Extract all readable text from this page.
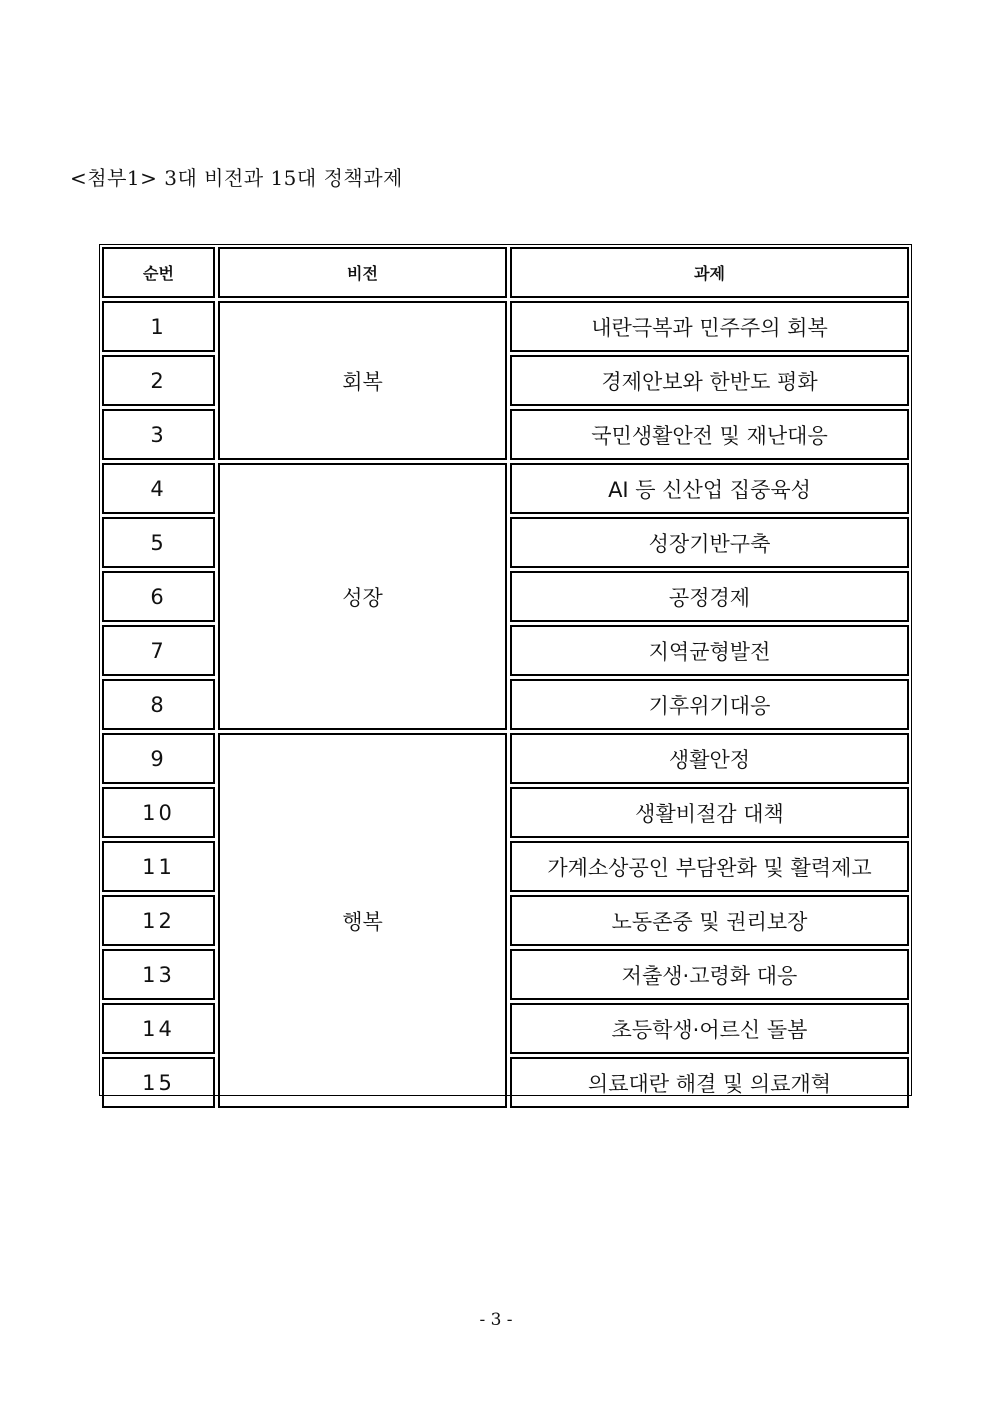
<첨부1> 3대 비전과 15대 정책과제
순번	비전	과제
1	회복	내란극복과 민주주의 회복
2		경제안보와 한반도 평화
3		국민생활안전 및 재난대응
4	성장	AI 등 신산업 집중육성
5		성장기반구축
6		공정경제
7		지역균형발전
8		기후위기대응
9	행복	생활안정
10		생활비절감 대책
11		가계소상공인 부담완화 및 활력제고
12		노동존중 및 권리보장
13		저출생·고령화 대응
14		초등학생·어르신 돌봄
15		의료대란 해결 및 의료개혁
- 3 -
